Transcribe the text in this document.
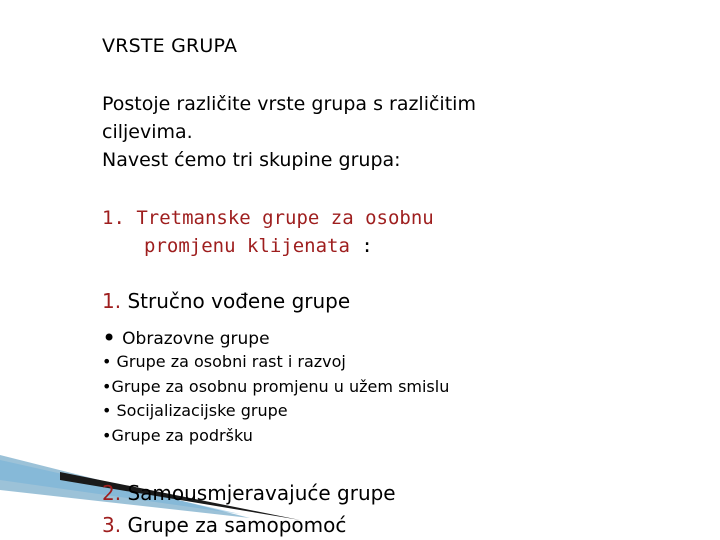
VRSTE GRUPA
Postoje različite vrste grupa s različitim
ciljevima.
Navest ćemo tri skupine grupa:
1. Tretmanske grupe za osobnu
promjenu klijenata :
1. Stručno vođene grupe
• Obrazovne grupe
• Grupe za osobni rast i razvoj
•Grupe za osobnu promjenu u užem smislu
• Socijalizacijske grupe
•Grupe za podršku
2. Samousmjeravajuće grupe
3. Grupe za samopomoć
